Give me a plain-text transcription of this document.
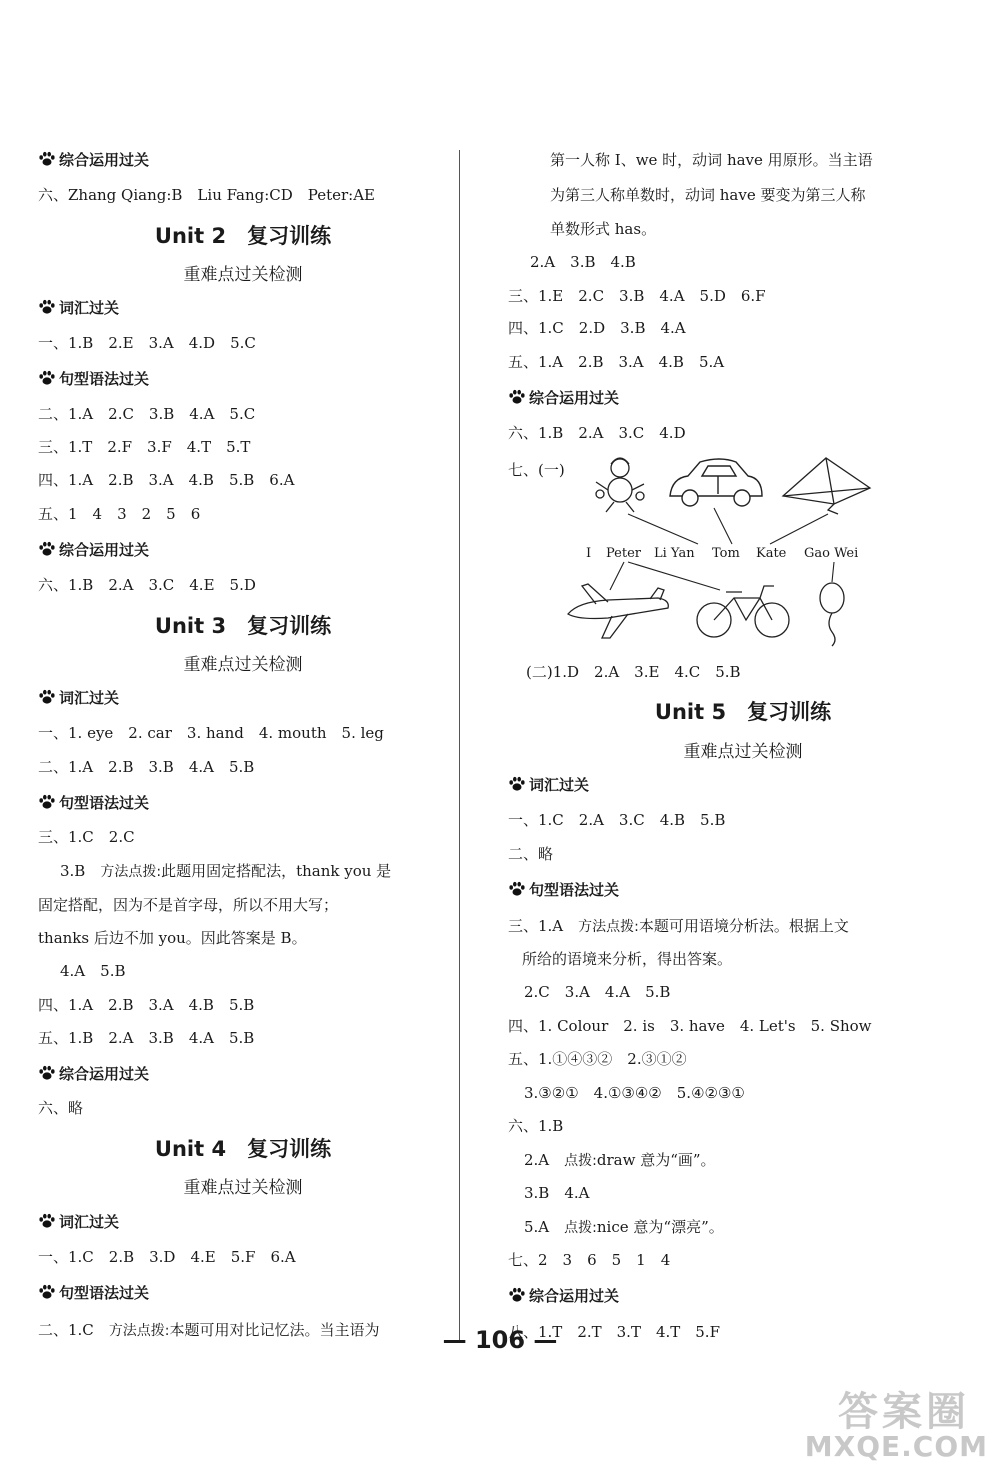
综合运用过关
六、Zhang Qiang:B　Liu Fang:CD　Peter:AE
Unit 2　复习训练
重难点过关检测
词汇过关
一、1.B　2.E　3.A　4.D　5.C
句型语法过关
二、1.A　2.C　3.B　4.A　5.C
三、1.T　2.F　3.F　4.T　5.T
四、1.A　2.B　3.A　4.B　5.B　6.A
五、1　4　3　2　5　6
综合运用过关
六、1.B　2.A　3.C　4.E　5.D
Unit 3　复习训练
重难点过关检测
词汇过关
一、1. eye　2. car　3. hand　4. mouth　5. leg
二、1.A　2.B　3.B　4.A　5.B
句型语法过关
三、1.C　2.C
3.B　 方法点拨:此题用固定搭配法，thank you 是
固定搭配，因为不是首字母，所以不用大写；
thanks 后边不加 you。因此答案是 B。
4.A　5.B
四、1.A　2.B　3.A　4.B　5.B
五、1.B　2.A　3.B　4.A　5.B
综合运用过关
六、略
Unit 4　复习训练
重难点过关检测
词汇过关
一、1.C　2.B　3.D　4.E　5.F　6.A
句型语法过关
二、1.C　 方法点拨:本题可用对比记忆法。当主语为
第一人称 I、we 时，动词 have 用原形。当主语
为第三人称单数时，动词 have 要变为第三人称
单数形式 has。
2.A　3.B　4.B
三、1.E　2.C　3.B　4.A　5.D　6.F
四、1.C　2.D　3.B　4.A
五、1.A　2.B　3.A　4.B　5.A
综合运用过关
六、1.B　2.A　3.C　4.D
七、(一)
I Peter Li Yan Tom Kate Gao Wei
(二)1.D　2.A　3.E　4.C　5.B
Unit 5　复习训练
重难点过关检测
词汇过关
一、1.C　2.A　3.C　4.B　5.B
二、略
句型语法过关
三、1.A　 方法点拨:本题可用语境分析法。根据上文
所给的语境来分析，得出答案。
2.C　3.A　4.A　5.B
四、1. Colour　2. is　3. have　4. Let's　5. Show
五、1.①④③②　2.③①②
3.③②①　4.①③④②　5.④②③①
六、1.B
2.A　 点拨:draw 意为“画”。
3.B　4.A
5.A　 点拨:nice 意为“漂亮”。
七、2　3　6　5　1　4
综合运用过关
八、1.T　2.T　3.T　4.T　5.F
— 106 —
答案圈
MXQE.COM
